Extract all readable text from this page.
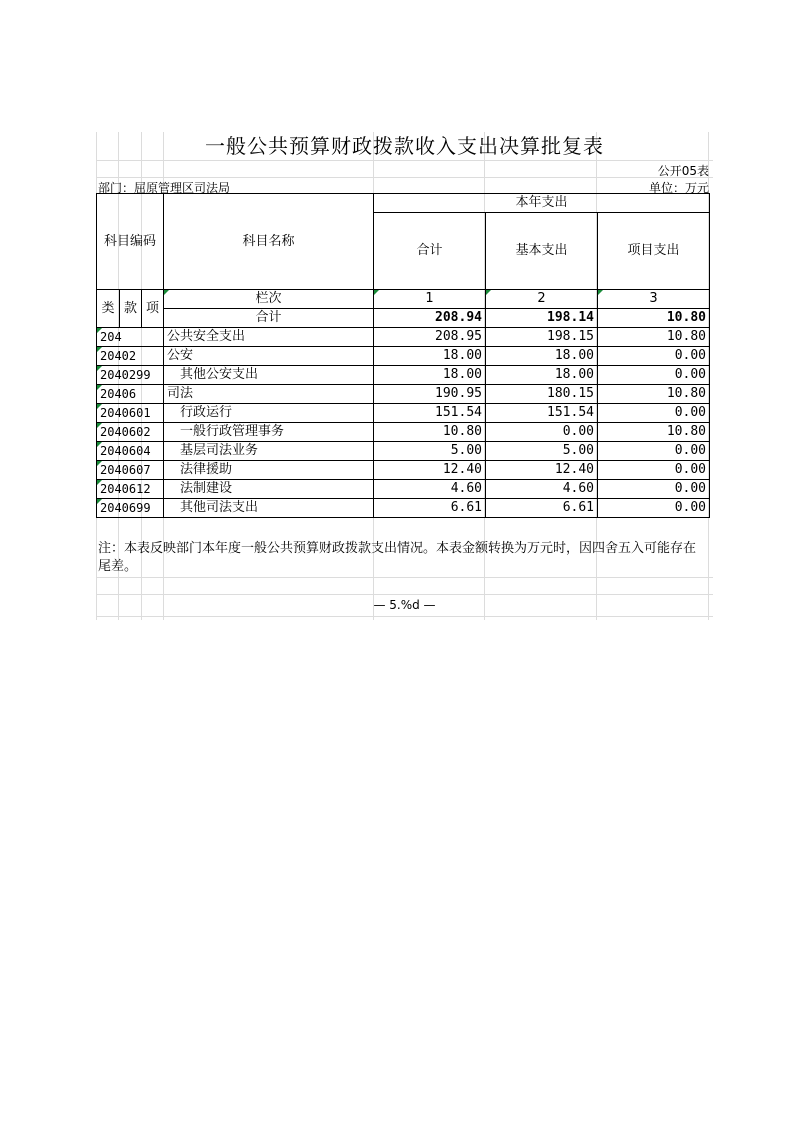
一般公共预算财政拨款收入支出决算批复表
公开05表
部门：屈原管理区司法局	单位：万元
科目编码			科目名称	本年支出		
				合计	基本支出	项目支出

类	款	项	栏次	1	2	3
			合计	208.94	198.14	10.80
204			公共安全支出	208.95	198.15	10.80
20402			公安	18.00	18.00	0.00
2040299			其他公安支出	18.00	18.00	0.00
20406			司法	190.95	180.15	10.80
2040601			行政运行	151.54	151.54	0.00
2040602			一般行政管理事务	10.80	0.00	10.80
2040604			基层司法业务	5.00	5.00	0.00
2040607			法律援助	12.40	12.40	0.00
2040612			法制建设	4.60	4.60	0.00
2040699			其他司法支出	6.61	6.61	0.00
注：本表反映部门本年度一般公共预算财政拨款支出情况。本表金额转换为万元时，因四舍五入可能存在尾差。
— 5.%d —
